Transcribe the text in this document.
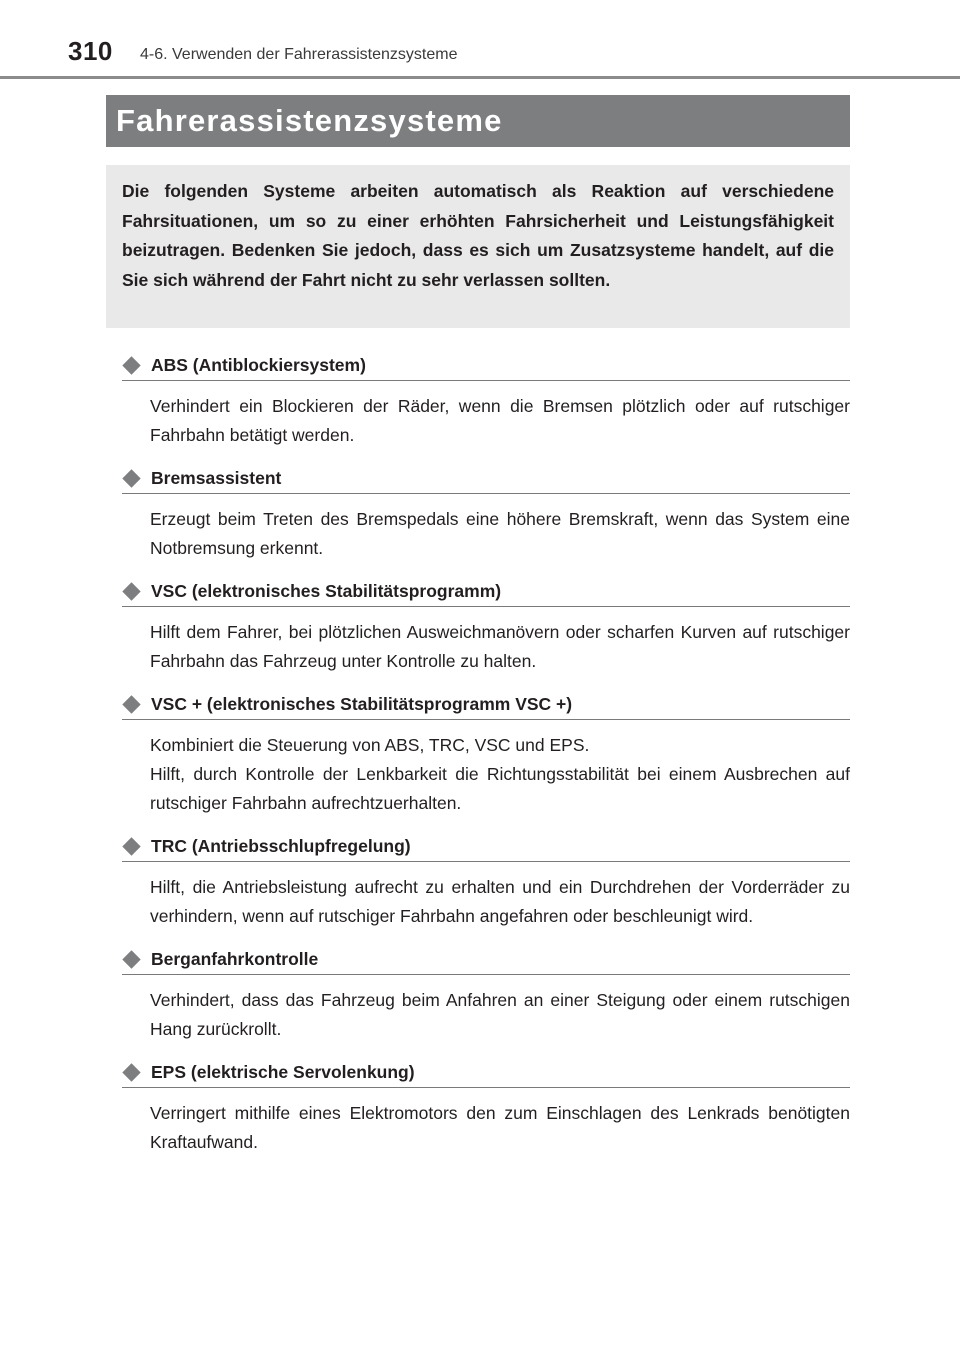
310 4-6. Verwenden der Fahrerassistenzsysteme
Fahrerassistenzsysteme
Die folgenden Systeme arbeiten automatisch als Reaktion auf verschiedene Fahrsituationen, um so zu einer erhöhten Fahrsicherheit und Leistungsfähigkeit beizutragen. Bedenken Sie jedoch, dass es sich um Zusatzsysteme handelt, auf die Sie sich während der Fahrt nicht zu sehr verlassen sollten.
ABS (Antiblockiersystem)

Verhindert ein Blockieren der Räder, wenn die Bremsen plötzlich oder auf rutschiger Fahrbahn betätigt werden.

Bremsassistent

Erzeugt beim Treten des Bremspedals eine höhere Bremskraft, wenn das System eine Notbremsung erkennt.

VSC (elektronisches Stabilitätsprogramm)

Hilft dem Fahrer, bei plötzlichen Ausweichmanövern oder scharfen Kurven auf rutschiger Fahrbahn das Fahrzeug unter Kontrolle zu halten.

VSC + (elektronisches Stabilitätsprogramm VSC +)

Kombiniert die Steuerung von ABS, TRC, VSC und EPS.

Hilft, durch Kontrolle der Lenkbarkeit die Richtungsstabilität bei einem Ausbrechen auf rutschiger Fahrbahn aufrechtzuerhalten.

TRC (Antriebsschlupfregelung)

Hilft, die Antriebsleistung aufrecht zu erhalten und ein Durchdrehen der Vorderräder zu verhindern, wenn auf rutschiger Fahrbahn angefahren oder beschleunigt wird.

Berganfahrkontrolle

Verhindert, dass das Fahrzeug beim Anfahren an einer Steigung oder einem rutschigen Hang zurückrollt.

EPS (elektrische Servolenkung)

Verringert mithilfe eines Elektromotors den zum Einschlagen des Lenkrads benötigten Kraftaufwand.
